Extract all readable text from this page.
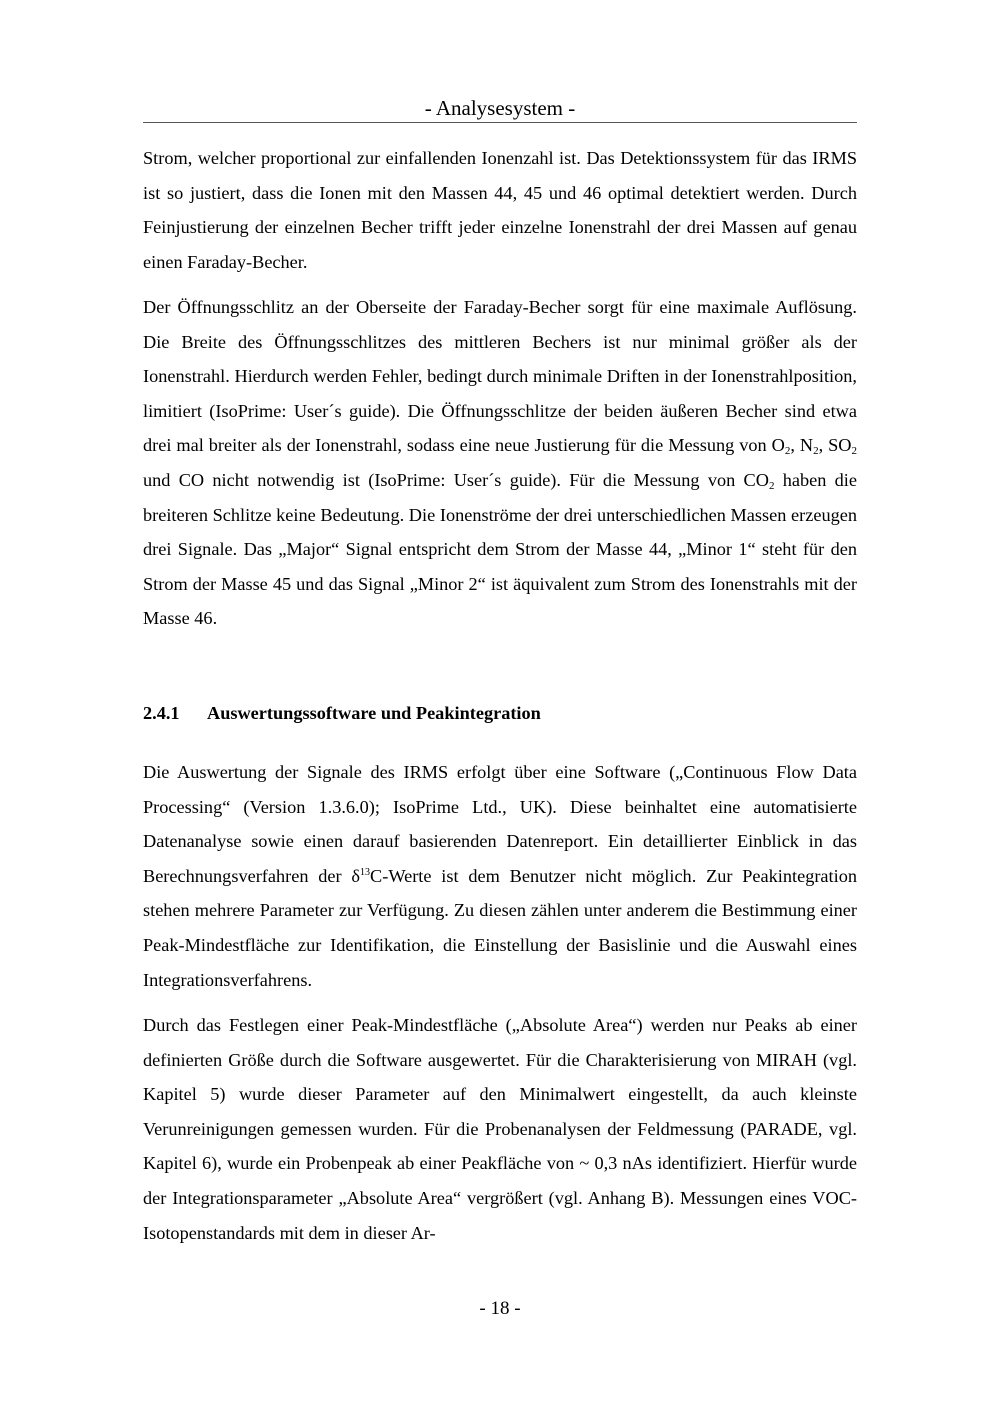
- Analysesystem -

Strom, welcher proportional zur einfallenden Ionenzahl ist. Das Detektionssystem für das IRMS ist so justiert, dass die Ionen mit den Massen 44, 45 und 46 optimal detektiert werden. Durch Feinjustierung der einzelnen Becher trifft jeder einzelne Ionenstrahl der drei Massen auf genau einen Faraday-Becher.

Der Öffnungsschlitz an der Oberseite der Faraday-Becher sorgt für eine maximale Auflösung. Die Breite des Öffnungsschlitzes des mittleren Bechers ist nur minimal größer als der Ionenstrahl. Hierdurch werden Fehler, bedingt durch minimale Driften in der Ionenstrahlposition, limitiert (IsoPrime: User´s guide). Die Öffnungsschlitze der beiden äußeren Becher sind etwa drei mal breiter als der Ionenstrahl, sodass eine neue Justierung für die Messung von $O_2$, $N_2$, $SO_2$ und CO nicht notwendig ist (IsoPrime: User´s guide). Für die Messung von $CO_2$ haben die breiteren Schlitze keine Bedeutung. Die Ionenströme der drei unterschiedlichen Massen erzeugen drei Signale. Das „Major“ Signal entspricht dem Strom der Masse 44, „Minor 1“ steht für den Strom der Masse 45 und das Signal „Minor 2“ ist äquivalent zum Strom des Ionenstrahls mit der Masse 46.

2.4.1 Auswertungssoftware und Peakintegration

Die Auswertung der Signale des IRMS erfolgt über eine Software („Continuous Flow Data Processing“ (Version 1.3.6.0); IsoPrime Ltd., UK). Diese beinhaltet eine automatisierte Datenanalyse sowie einen darauf basierenden Datenreport. Ein detaillierter Einblick in das Berechnungsverfahren der $\delta^{13}C$-Werte ist dem Benutzer nicht möglich. Zur Peakintegration stehen mehrere Parameter zur Verfügung. Zu diesen zählen unter anderem die Bestimmung einer Peak-Mindestfläche zur Identifikation, die Einstellung der Basislinie und die Auswahl eines Integrationsverfahrens.

Durch das Festlegen einer Peak-Mindestfläche („Absolute Area“) werden nur Peaks ab einer definierten Größe durch die Software ausgewertet. Für die Charakterisierung von MIRAH (vgl. Kapitel 5) wurde dieser Parameter auf den Minimalwert eingestellt, da auch kleinste Verunreinigungen gemessen wurden. Für die Probenanalysen der Feldmessung (PARADE, vgl. Kapitel 6), wurde ein Probenpeak ab einer Peakfläche von ~ 0,3 nAs identifiziert. Hierfür wurde der Integrationsparameter „Absolute Area“ vergrößert (vgl. Anhang B). Messungen eines VOC-Isotopenstandards mit dem in dieser Ar-

- 18 -
